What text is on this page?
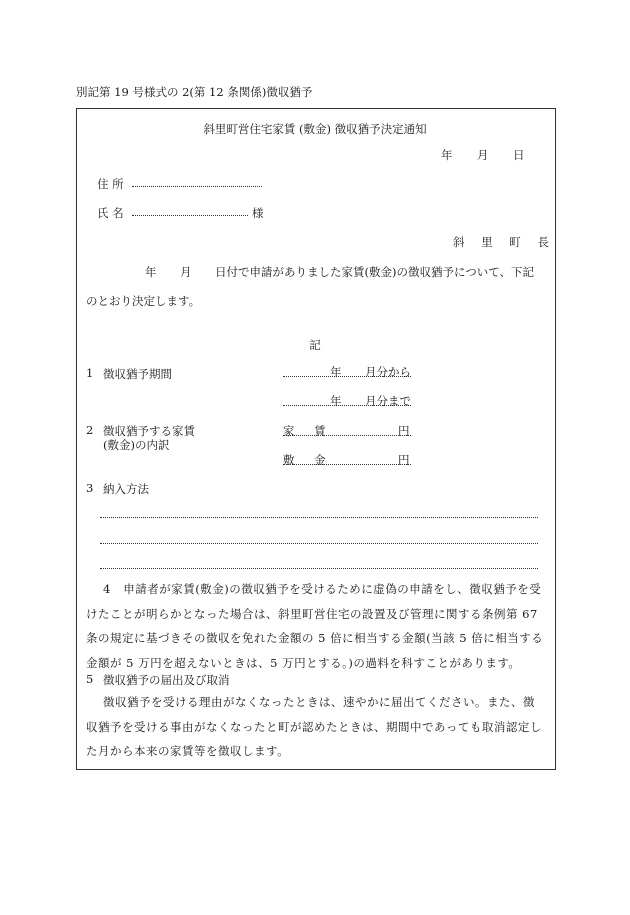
別記第 19 号様式の 2(第 12 条関係)徴収猶予
斜里町営住宅家賃 (敷金) 徴収猶予決定通知
年 月 日
住 所
氏 名	様
斜 里 町 長
年 月 日付で申請がありました家賃(敷金)の徴収猶予について、下記
のとおり決定します。
記
1 徴収猶予期間	年 月分から
年 月分まで
2 徴収猶予する家賃
(敷金)の内訳
家 賃	円
敷 金	円
3 納入方法
4 申請者が家賃(敷金)の徴収猶予を受けるために虚偽の申請をし、徴収猶予を受けたことが明らかとなった場合は、斜里町営住宅の設置及び管理に関する条例第 67 条の規定に基づきその徴収を免れた金額の 5 倍に相当する金額(当該 5 倍に相当する金額が 5 万円を超えないときは、5 万円とする。)の過料を科すことがあります。
5 徴収猶予の届出及び取消
徴収猶予を受ける理由がなくなったときは、速やかに届出てください。また、徴収猶予を受ける事由がなくなったと町が認めたときは、期間中であっても取消認定した月から本来の家賃等を徴収します。
